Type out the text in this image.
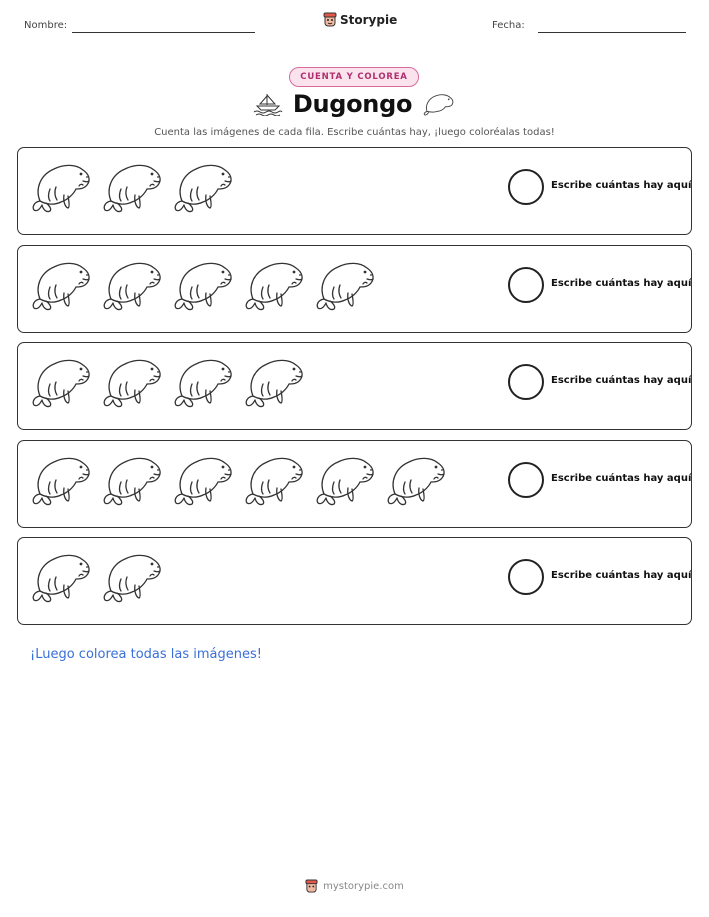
Nombre:	Storypie	Fecha:
CUENTA Y COLOREA
Dugongo
Cuenta las imágenes de cada fila. Escribe cuántas hay, ¡luego coloréalas todas!
Escribe cuántas hay aquí
Escribe cuántas hay aquí
Escribe cuántas hay aquí
Escribe cuántas hay aquí
Escribe cuántas hay aquí
¡Luego colorea todas las imágenes!
mystorypie.com
